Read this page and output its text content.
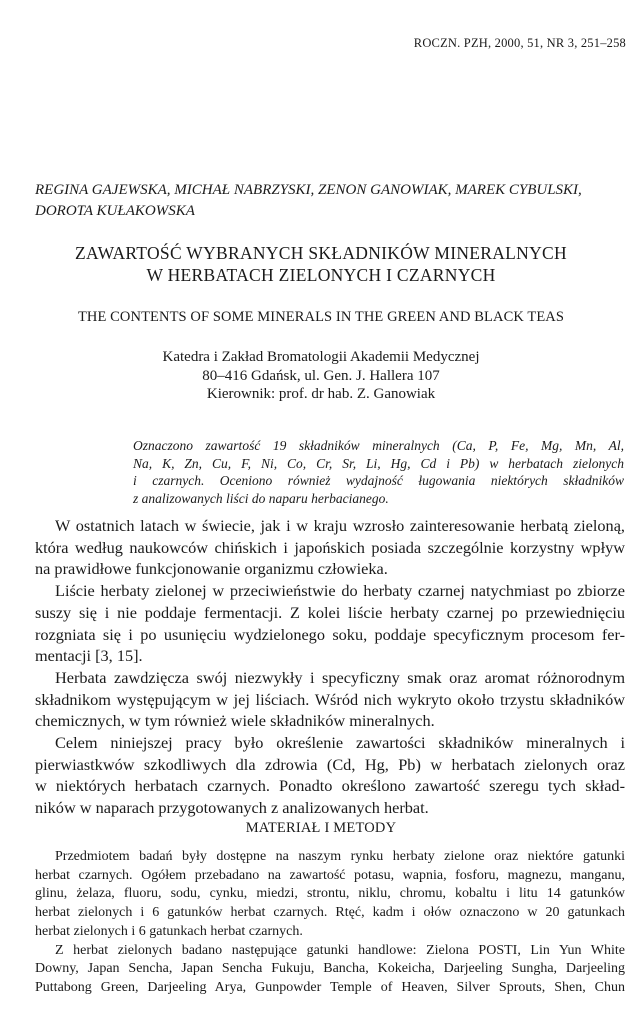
ROCZN. PZH, 2000, 51, NR 3, 251–258
REGINA GAJEWSKA, MICHAŁ NABRZYSKI, ZENON GANOWIAK, MAREK CYBULSKI,
DOROTA KUŁAKOWSKA
ZAWARTOŚĆ WYBRANYCH SKŁADNIKÓW MINERALNYCH
W HERBATACH ZIELONYCH I CZARNYCH
THE CONTENTS OF SOME MINERALS IN THE GREEN AND BLACK TEAS
Katedra i Zakład Bromatologii Akademii Medycznej
80–416 Gdańsk, ul. Gen. J. Hallera 107
Kierownik: prof. dr hab. Z. Ganowiak
Oznaczono zawartość 19 składników mineralnych (Ca, P, Fe, Mg, Mn, Al,
Na, K, Zn, Cu, F, Ni, Co, Cr, Sr, Li, Hg, Cd i Pb) w herbatach zielonych
i czarnych. Oceniono również wydajność ługowania niektórych składników
z analizowanych liści do naparu herbacianego.
W ostatnich latach w świecie, jak i w kraju wzrosło zainteresowanie herbatą zieloną,
która według naukowców chińskich i japońskich posiada szczególnie korzystny wpływ
na prawidłowe funkcjonowanie organizmu człowieka.
Liście herbaty zielonej w przeciwieństwie do herbaty czarnej natychmiast po zbiorze
suszy się i nie poddaje fermentacji. Z kolei liście herbaty czarnej po przewiednięciu
rozgniata się i po usunięciu wydzielonego soku, poddaje specyficznym procesom fer-
mentacji [3, 15].
Herbata zawdzięcza swój niezwykły i specyficzny smak oraz aromat różnorodnym
składnikom występującym w jej liściach. Wśród nich wykryto około trzystu składników
chemicznych, w tym również wiele składników mineralnych.
Celem niniejszej pracy było określenie zawartości składników mineralnych i
pierwiastkwów szkodliwych dla zdrowia (Cd, Hg, Pb) w herbatach zielonych oraz
w niektórych herbatach czarnych. Ponadto określono zawartość szeregu tych skład-
ników w naparach przygotowanych z analizowanych herbat.
MATERIAŁ I METODY
Przedmiotem badań były dostępne na naszym rynku herbaty zielone oraz niektóre gatunki
herbat czarnych. Ogółem przebadano na zawartość potasu, wapnia, fosforu, magnezu, manganu,
glinu, żelaza, fluoru, sodu, cynku, miedzi, strontu, niklu, chromu, kobaltu i litu 14 gatunków
herbat zielonych i 6 gatunków herbat czarnych. Rtęć, kadm i ołów oznaczono w 20 gatunkach
herbat zielonych i 6 gatunkach herbat czarnych.
Z herbat zielonych badano następujące gatunki handlowe: Zielona POSTI, Lin Yun White
Downy, Japan Sencha, Japan Sencha Fukuju, Bancha, Kokeicha, Darjeeling Sungha, Darjeeling
Puttabong Green, Darjeeling Arya, Gunpowder Temple of Heaven, Silver Sprouts, Shen, Chun
